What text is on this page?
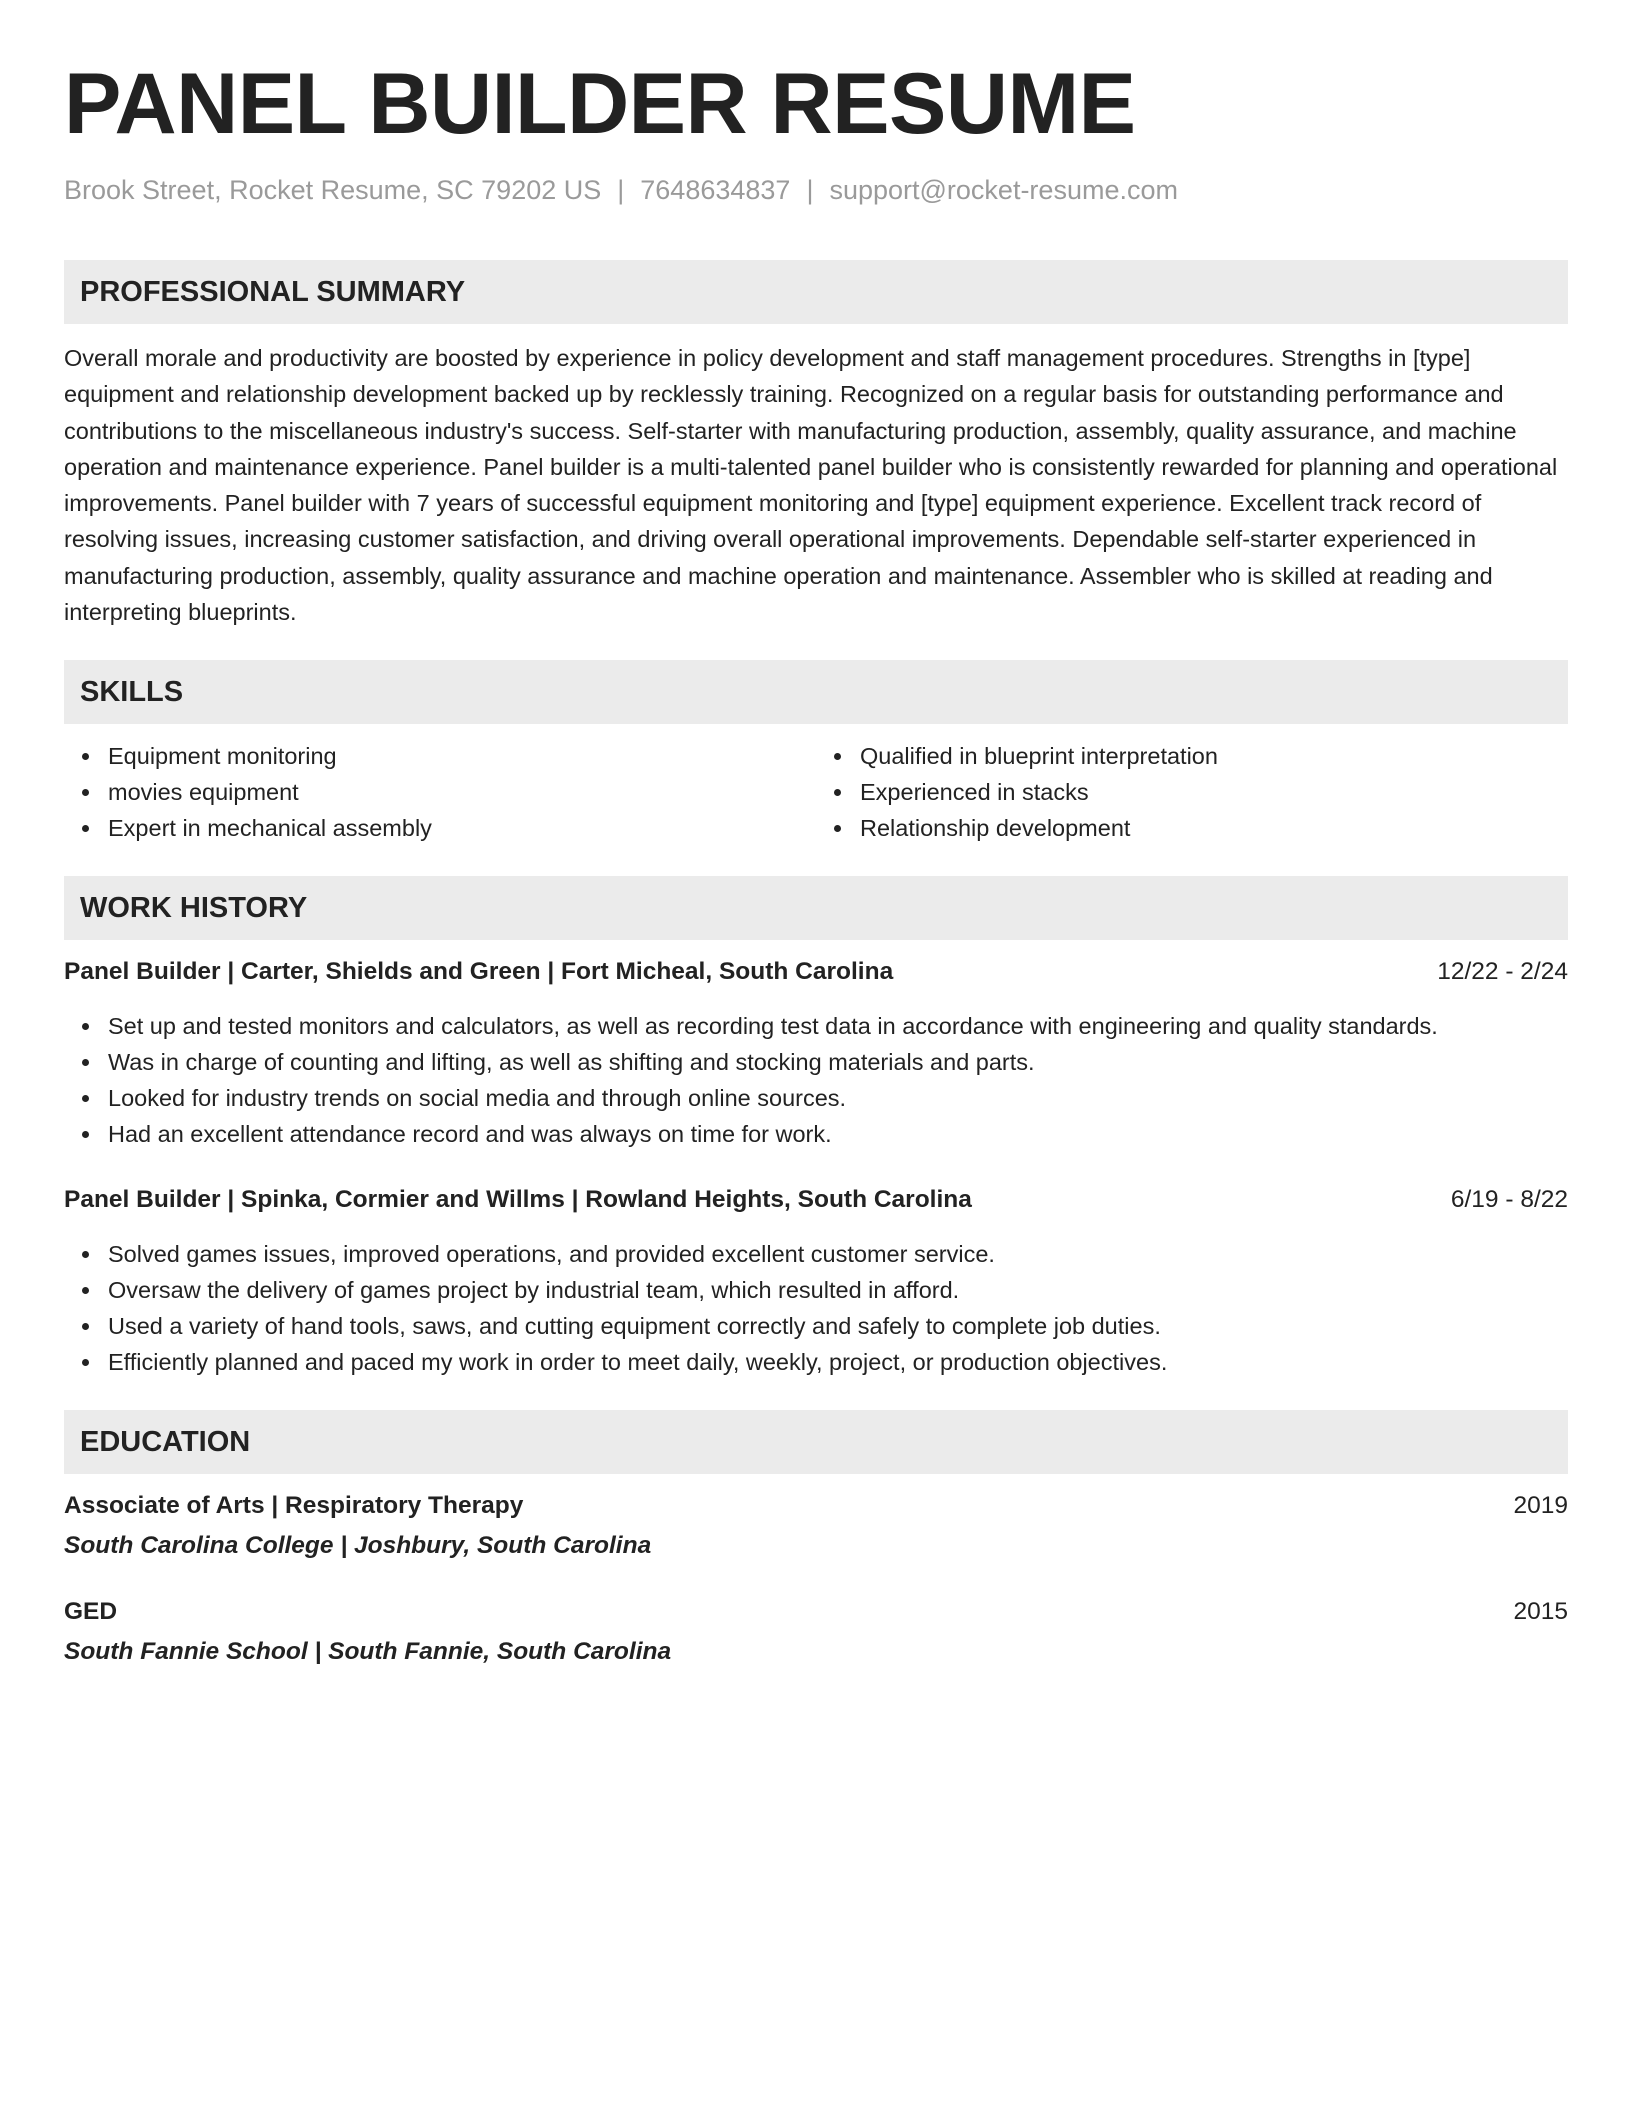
PANEL BUILDER RESUME
Brook Street, Rocket Resume, SC 79202 US | 7648634837 | support@rocket-resume.com
PROFESSIONAL SUMMARY

Overall morale and productivity are boosted by experience in policy development and staff management procedures. Strengths in [type] equipment and relationship development backed up by recklessly training. Recognized on a regular basis for outstanding performance and contributions to the miscellaneous industry's success. Self-starter with manufacturing production, assembly, quality assurance, and machine operation and maintenance experience. Panel builder is a multi-talented panel builder who is consistently rewarded for planning and operational improvements. Panel builder with 7 years of successful equipment monitoring and [type] equipment experience. Excellent track record of resolving issues, increasing customer satisfaction, and driving overall operational improvements. Dependable self-starter experienced in manufacturing production, assembly, quality assurance and machine operation and maintenance. Assembler who is skilled at reading and interpreting blueprints.

SKILLS
Equipment monitoring
movies equipment
Expert in mechanical assembly
Qualified in blueprint interpretation
Experienced in stacks
Relationship development
WORK HISTORY
Panel Builder | Carter, Shields and Green | Fort Micheal, South Carolina	12/22 - 2/24
Set up and tested monitors and calculators, as well as recording test data in accordance with engineering and quality standards.
Was in charge of counting and lifting, as well as shifting and stocking materials and parts.
Looked for industry trends on social media and through online sources.
Had an excellent attendance record and was always on time for work.
Panel Builder | Spinka, Cormier and Willms | Rowland Heights, South Carolina	6/19 - 8/22
Solved games issues, improved operations, and provided excellent customer service.
Oversaw the delivery of games project by industrial team, which resulted in afford.
Used a variety of hand tools, saws, and cutting equipment correctly and safely to complete job duties.
Efficiently planned and paced my work in order to meet daily, weekly, project, or production objectives.
EDUCATION
Associate of Arts | Respiratory Therapy	2019
South Carolina College | Joshbury, South Carolina
GED	2015
South Fannie School | South Fannie, South Carolina
